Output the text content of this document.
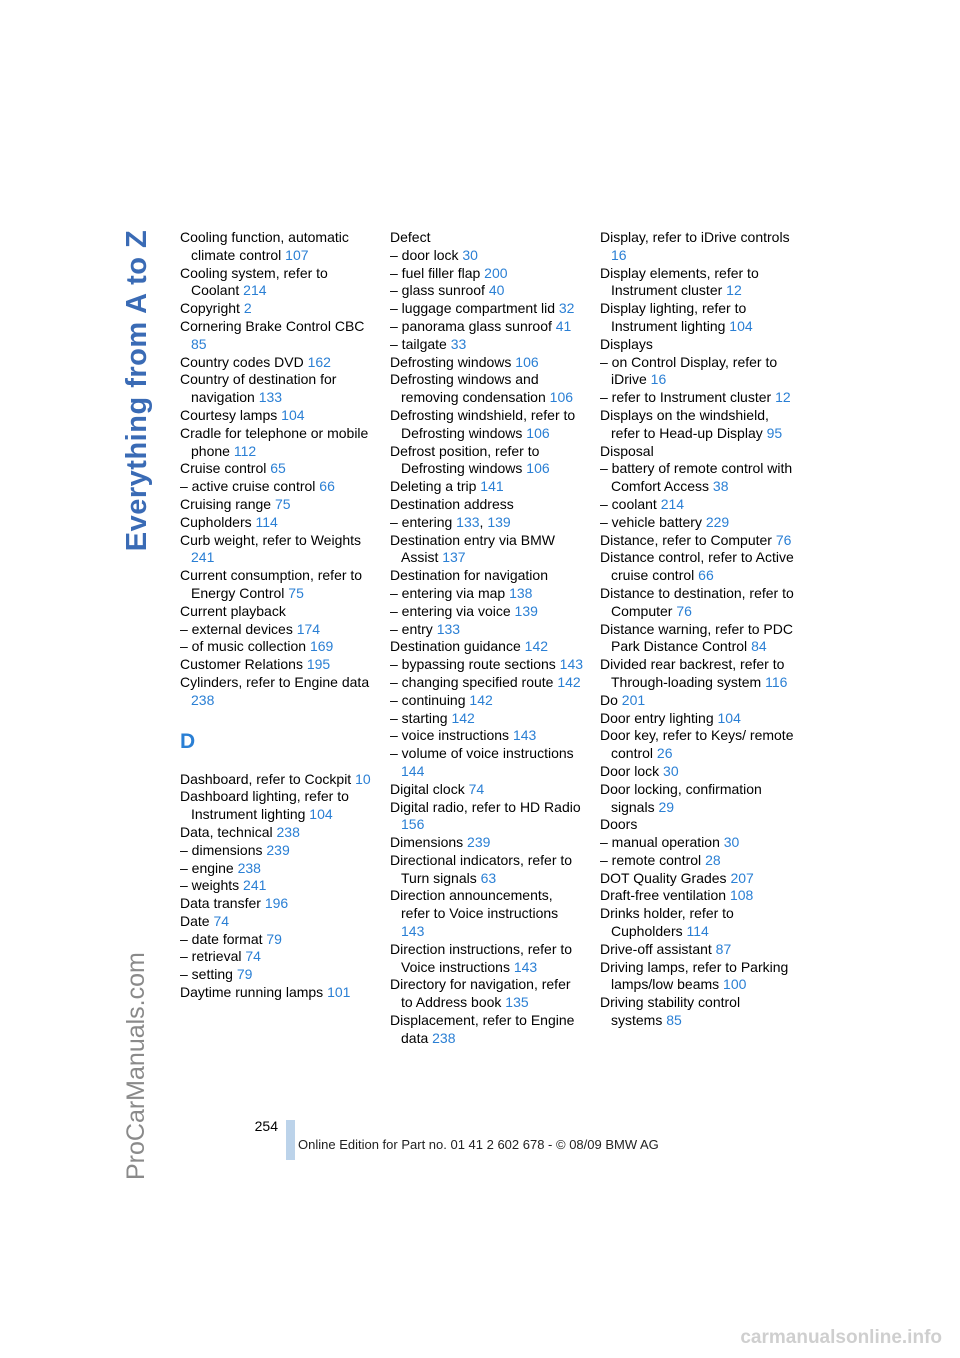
Everything from A to Z
ProCarManuals.com
Cooling function, automatic climate control 107
Cooling system, refer to Coolant 214
Copyright 2
Cornering Brake Control CBC 85
Country codes DVD 162
Country of destination for navigation 133
Courtesy lamps 104
Cradle for telephone or mobile phone 112
Cruise control 65
– active cruise control 66
Cruising range 75
Cupholders 114
Curb weight, refer to Weights 241
Current consumption, refer to Energy Control 75
Current playback
– external devices 174
– of music collection 169
Customer Relations 195
Cylinders, refer to Engine data 238
D
Dashboard, refer to Cockpit 10
Dashboard lighting, refer to Instrument lighting 104
Data, technical 238
– dimensions 239
– engine 238
– weights 241
Data transfer 196
Date 74
– date format 79
– retrieval 74
– setting 79
Daytime running lamps 101
Defect
– door lock 30
– fuel filler flap 200
– glass sunroof 40
– luggage compartment lid 32
– panorama glass sunroof 41
– tailgate 33
Defrosting windows 106
Defrosting windows and removing condensation 106
Defrosting windshield, refer to Defrosting windows 106
Defrost position, refer to Defrosting windows 106
Deleting a trip 141
Destination address
– entering 133, 139
Destination entry via BMW Assist 137
Destination for navigation
– entering via map 138
– entering via voice 139
– entry 133
Destination guidance 142
– bypassing route sections 143
– changing specified route 142
– continuing 142
– starting 142
– voice instructions 143
– volume of voice instructions 144
Digital clock 74
Digital radio, refer to HD Radio 156
Dimensions 239
Directional indicators, refer to Turn signals 63
Direction announcements, refer to Voice instructions 143
Direction instructions, refer to Voice instructions 143
Directory for navigation, refer to Address book 135
Displacement, refer to Engine data 238
Display, refer to iDrive controls 16
Display elements, refer to Instrument cluster 12
Display lighting, refer to Instrument lighting 104
Displays
– on Control Display, refer to iDrive 16
– refer to Instrument cluster 12
Displays on the windshield, refer to Head-up Display 95
Disposal
– battery of remote control with Comfort Access 38
– coolant 214
– vehicle battery 229
Distance, refer to Computer 76
Distance control, refer to Active cruise control 66
Distance to destination, refer to Computer 76
Distance warning, refer to PDC Park Distance Control 84
Divided rear backrest, refer to Through-loading system 116
Do 201
Door entry lighting 104
Door key, refer to Keys/ remote control 26
Door lock 30
Door locking, confirmation signals 29
Doors
– manual operation 30
– remote control 28
DOT Quality Grades 207
Draft-free ventilation 108
Drinks holder, refer to Cupholders 114
Drive-off assistant 87
Driving lamps, refer to Parking lamps/low beams 100
Driving stability control systems 85
254
Online Edition for Part no. 01 41 2 602 678 - © 08/09 BMW AG
carmanualsonline.info
